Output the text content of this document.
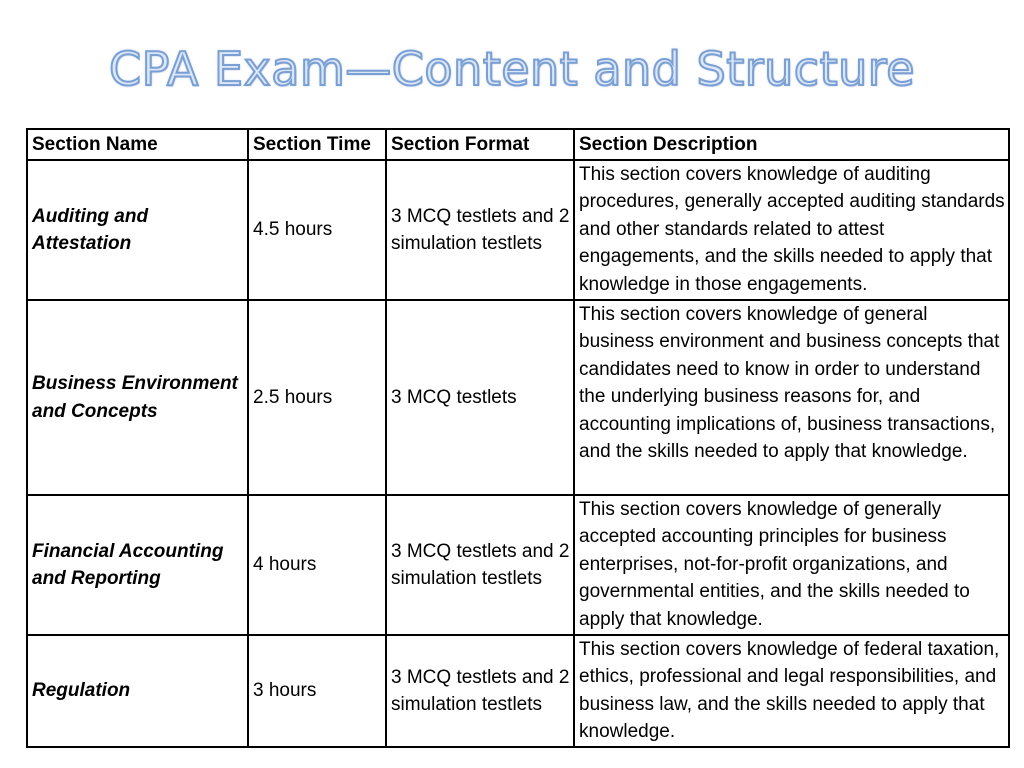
CPA Exam—Content and Structure
Section Name	Section Time	Section Format	Section Description
Auditing and Attestation	4.5 hours	3 MCQ testlets and 2 simulation testlets	This section covers knowledge of auditing procedures, generally accepted auditing standards and other standards related to attest engagements, and the skills needed to apply that knowledge in those engagements.
Business Environment and Concepts	2.5 hours	3 MCQ testlets	This section covers knowledge of general business environment and business concepts that candidates need to know in order to understand the underlying business reasons for, and accounting implications of, business transactions, and the skills needed to apply that knowledge.
Financial Accounting and Reporting	4 hours	3 MCQ testlets and 2 simulation testlets	This section covers knowledge of generally accepted accounting principles for business enterprises, not-for-profit organizations, and governmental entities, and the skills needed to apply that knowledge.
Regulation	3 hours	3 MCQ testlets and 2 simulation testlets	This section covers knowledge of federal taxation, ethics, professional and legal responsibilities, and business law, and the skills needed to apply that knowledge.
